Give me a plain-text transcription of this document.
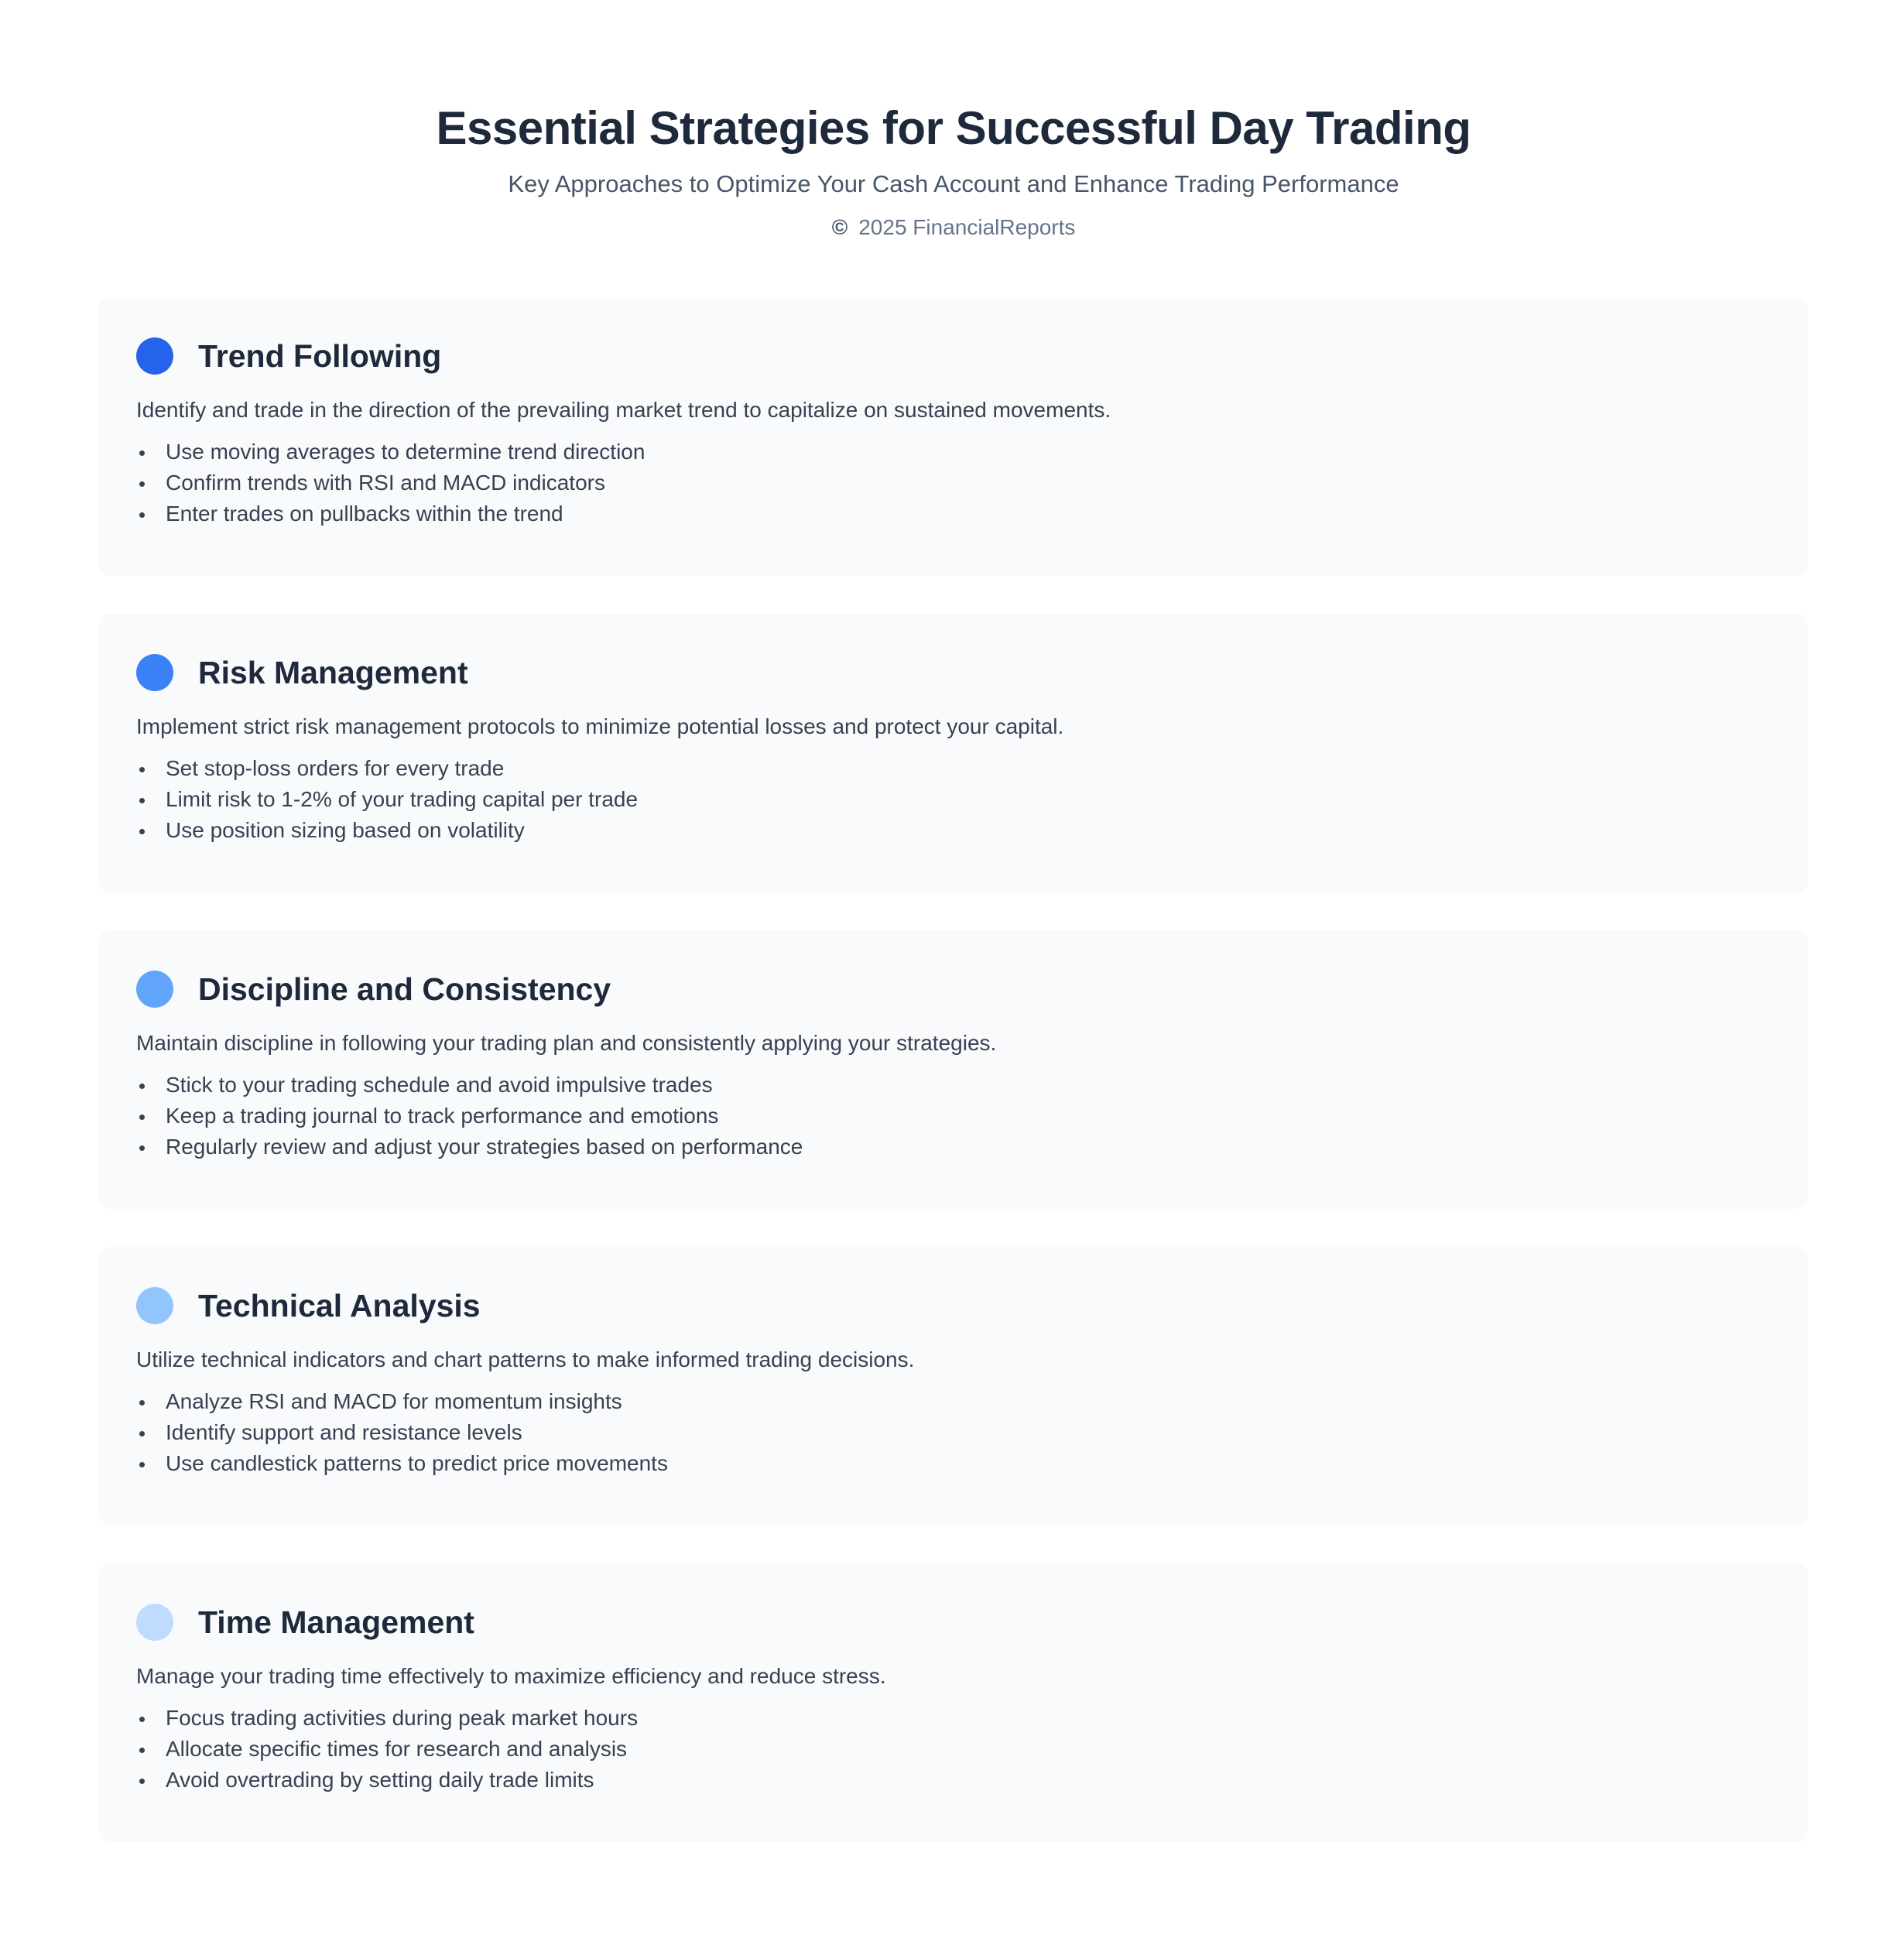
Essential Strategies for Successful Day Trading

Key Approaches to Optimize Your Cash Account and Enhance Trading Performance

© 2025 FinancialReports

Trend Following

Identify and trade in the direction of the prevailing market trend to capitalize on sustained movements.

Use moving averages to determine trend direction
Confirm trends with RSI and MACD indicators
Enter trades on pullbacks within the trend
Risk Management

Implement strict risk management protocols to minimize potential losses and protect your capital.

Set stop-loss orders for every trade
Limit risk to 1-2% of your trading capital per trade
Use position sizing based on volatility
Discipline and Consistency

Maintain discipline in following your trading plan and consistently applying your strategies.

Stick to your trading schedule and avoid impulsive trades
Keep a trading journal to track performance and emotions
Regularly review and adjust your strategies based on performance
Technical Analysis

Utilize technical indicators and chart patterns to make informed trading decisions.

Analyze RSI and MACD for momentum insights
Identify support and resistance levels
Use candlestick patterns to predict price movements
Time Management

Manage your trading time effectively to maximize efficiency and reduce stress.

Focus trading activities during peak market hours
Allocate specific times for research and analysis
Avoid overtrading by setting daily trade limits
